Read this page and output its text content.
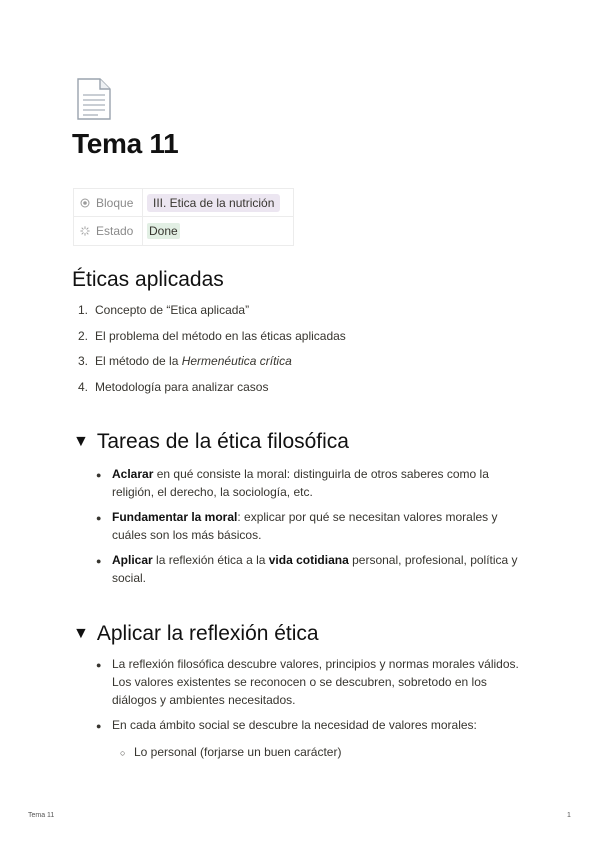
Tema 11
Bloque	III. Etica de la nutrición
Estado Done
Éticas aplicadas
1. Concepto de “Etica aplicada”
2. El problema del método en las éticas aplicadas
3. El método de la Hermenéutica crítica
4. Metodología para analizar casos
▼ Tareas de la ética filosófica
● Aclarar en qué consiste la moral: distinguirla de otros saberes como la religión, el derecho, la sociología, etc.
● Fundamentar la moral: explicar por qué se necesitan valores morales y cuáles son los más básicos.
● Aplicar la reflexión ética a la vida cotidiana personal, profesional, política y social.
▼ Aplicar la reflexión ética
● La reflexión filosófica descubre valores, principios y normas morales válidos. Los valores existentes se reconocen o se descubren, sobretodo en los diálogos y ambientes necesitados.
● En cada ámbito social se descubre la necesidad de valores morales:
○ Lo personal (forjarse un buen carácter)
Tema 11	1
